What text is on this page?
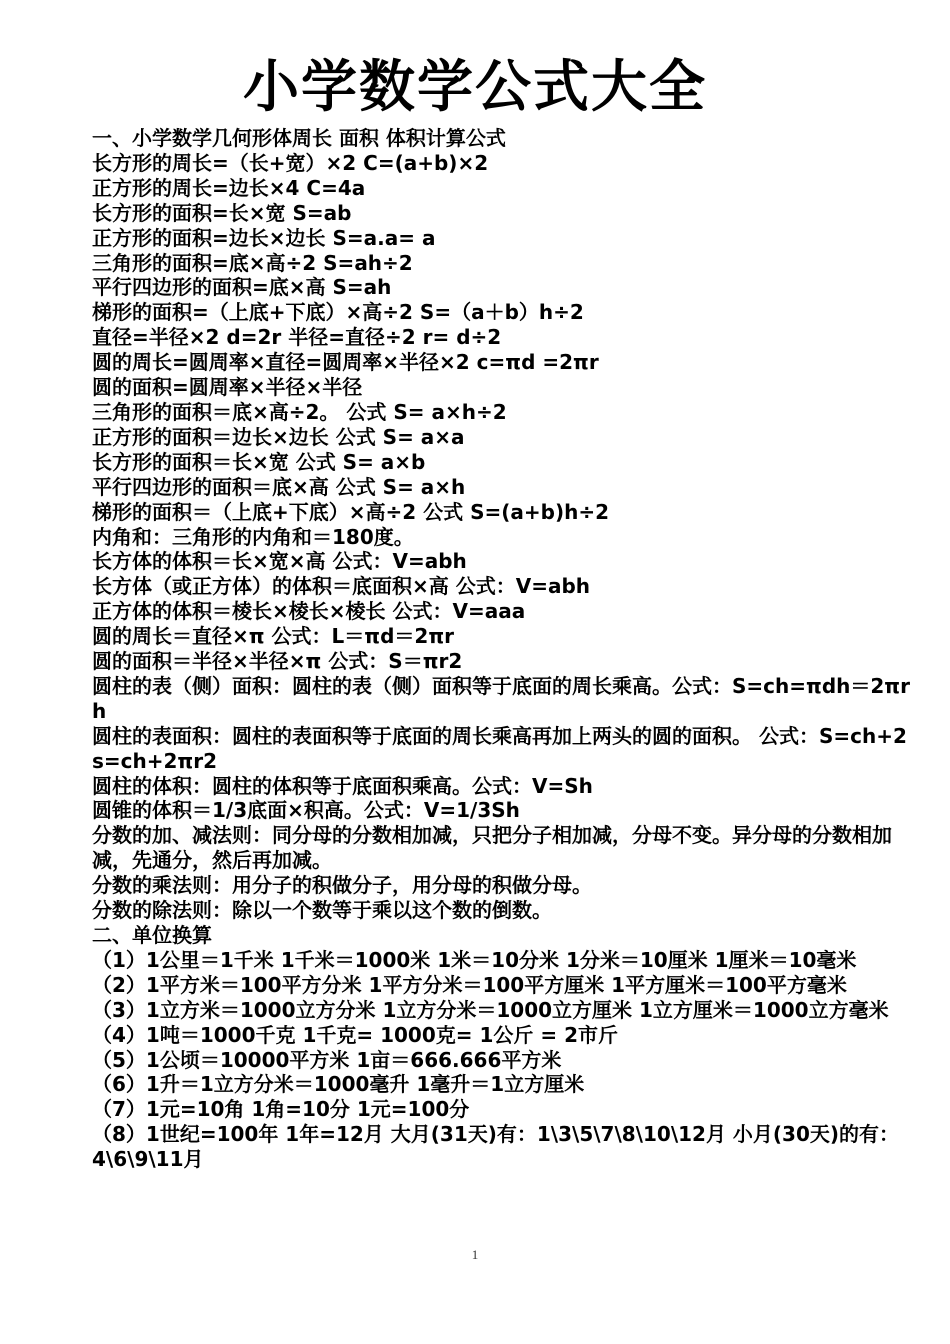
小学数学公式大全
一、小学数学几何形体周长 面积 体积计算公式
长方形的周长=（长+宽）×2 C=(a+b)×2
正方形的周长=边长×4 C=4a
长方形的面积=长×宽 S=ab
正方形的面积=边长×边长 S=a.a= a
三角形的面积=底×高÷2 S=ah÷2
平行四边形的面积=底×高 S=ah
梯形的面积=（上底+下底）×高÷2 S=（a＋b）h÷2
直径=半径×2 d=2r 半径=直径÷2 r= d÷2
圆的周长=圆周率×直径=圆周率×半径×2 c=πd =2πr
圆的面积=圆周率×半径×半径
三角形的面积＝底×高÷2。 公式 S= a×h÷2
正方形的面积＝边长×边长 公式 S= a×a
长方形的面积＝长×宽 公式 S= a×b
平行四边形的面积＝底×高 公式 S= a×h
梯形的面积＝（上底+下底）×高÷2 公式 S=(a+b)h÷2
内角和：三角形的内角和＝180度。
长方体的体积＝长×宽×高 公式：V=abh
长方体（或正方体）的体积＝底面积×高 公式：V=abh
正方体的体积＝棱长×棱长×棱长 公式：V=aaa
圆的周长＝直径×π 公式：L＝πd＝2πr
圆的面积＝半径×半径×π 公式：S＝πr2
圆柱的表（侧）面积：圆柱的表（侧）面积等于底面的周长乘高。公式：S=ch=πdh＝2πrh
圆柱的表面积：圆柱的表面积等于底面的周长乘高再加上两头的圆的面积。 公式：S=ch+2s=ch+2πr2
圆柱的体积：圆柱的体积等于底面积乘高。公式：V=Sh
圆锥的体积＝1/3底面×积高。公式：V=1/3Sh
分数的加、减法则：同分母的分数相加减，只把分子相加减，分母不变。异分母的分数相加减，先通分，然后再加减。
分数的乘法则：用分子的积做分子，用分母的积做分母。
分数的除法则：除以一个数等于乘以这个数的倒数。
二、单位换算
（1）1公里＝1千米 1千米＝1000米 1米＝10分米 1分米＝10厘米 1厘米＝10毫米
（2）1平方米＝100平方分米 1平方分米＝100平方厘米 1平方厘米＝100平方毫米
（3）1立方米＝1000立方分米 1立方分米＝1000立方厘米 1立方厘米＝1000立方毫米
（4）1吨＝1000千克 1千克= 1000克= 1公斤 = 2市斤
（5）1公顷＝10000平方米 1亩＝666.666平方米
（6）1升＝1立方分米＝1000毫升 1毫升＝1立方厘米
（7）1元=10角 1角=10分 1元=100分
（8）1世纪=100年 1年=12月 大月(31天)有：1\3\5\7\8\10\12月 小月(30天)的有：4\6\9\11月
1
